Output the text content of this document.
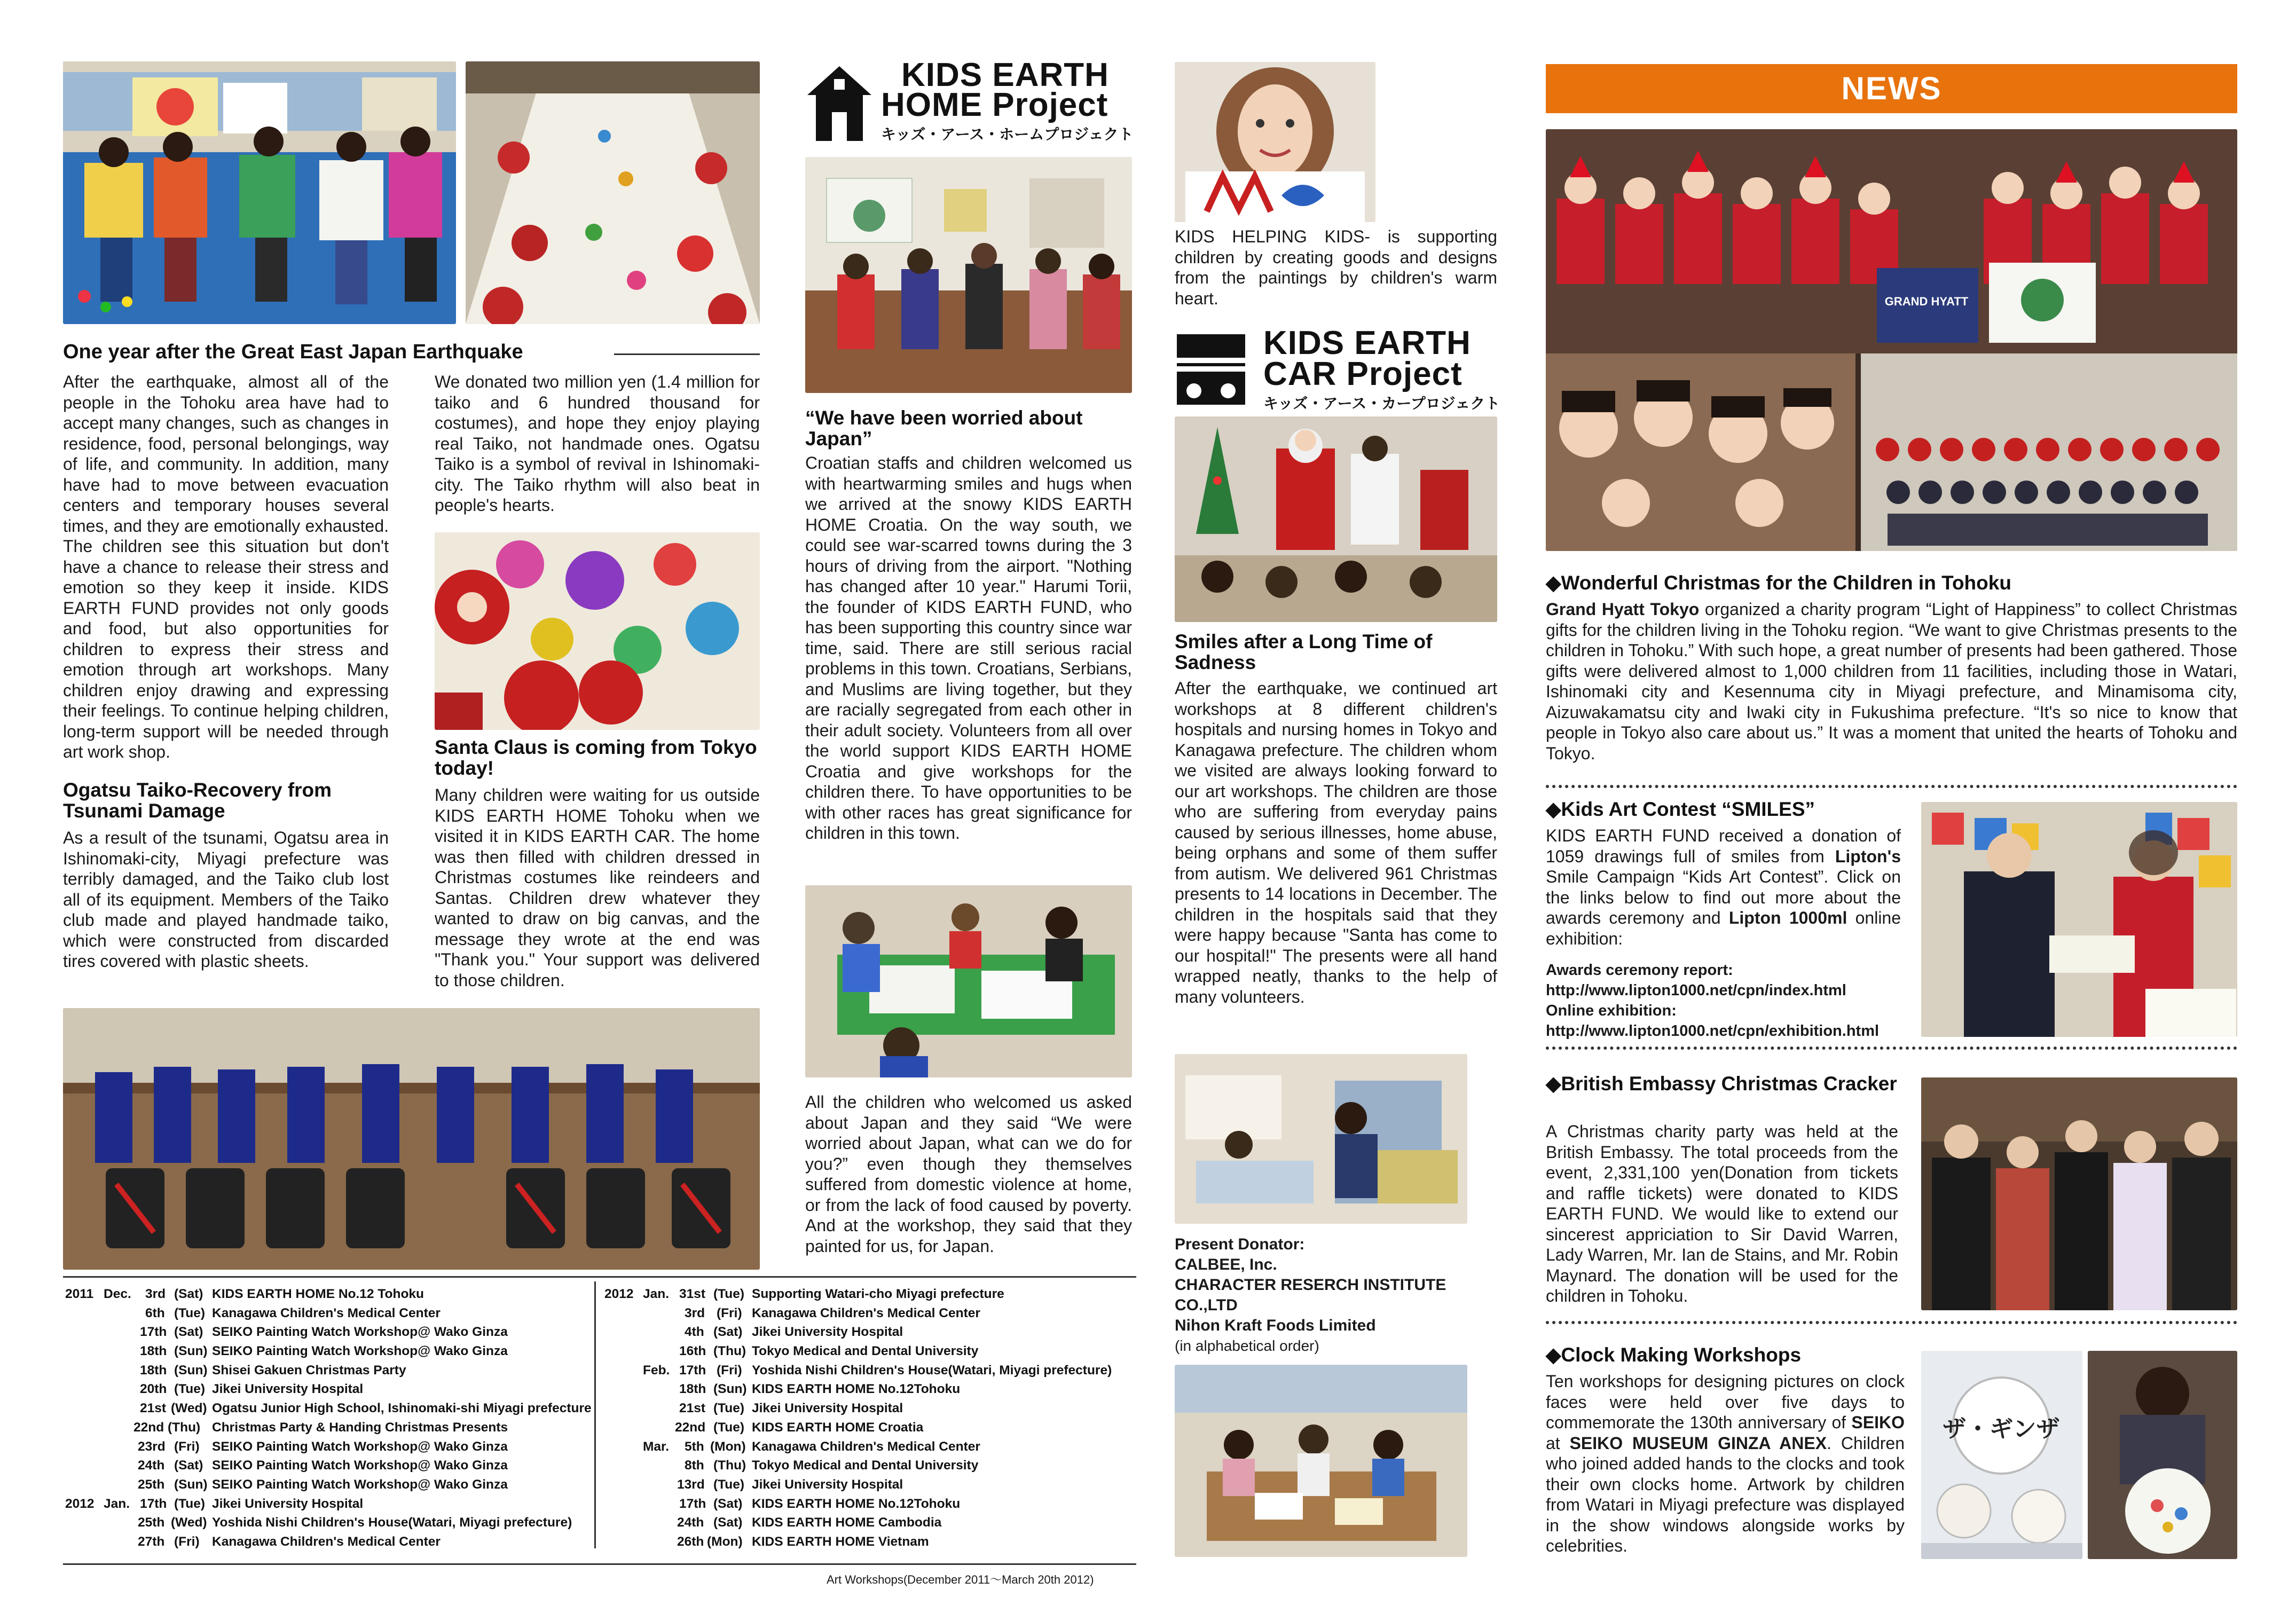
One year after the Great East Japan Earthquake
After the earthquake, almost all of the people in the Tohoku area have had to accept many changes, such as changes in residence, food, personal belongings, way of life, and community. In addition, many have had to move between evacuation centers and temporary houses several times, and they are emotionally exhausted. The children see this situation but don't have a chance to release their stress and emotion so they keep it inside. KIDS EARTH FUND provides not only goods and food, but also opportunities for children to express their stress and emotion through art workshops. Many children enjoy drawing and expressing their feelings. To continue helping children, long-term support will be needed through art work shop.
Ogatsu Taiko-Recovery from Tsunami Damage
As a result of the tsunami, Ogatsu area in Ishinomaki-city, Miyagi prefecture was terribly damaged, and the Taiko club lost all of its equipment. Members of the Taiko club made and played handmade taiko, which were constructed from discarded tires covered with plastic sheets.
We donated two million yen (1.4 million for taiko and 6 hundred thousand for costumes), and hope they enjoy playing real Taiko, not handmade ones. Ogatsu Taiko is a symbol of revival in Ishinomaki-city. The Taiko rhythm will also beat in people's hearts.
Santa Claus is coming from Tokyo today!
Many children were waiting for us outside KIDS EARTH HOME Tohoku when we visited it in KIDS EARTH CAR. The home was then filled with children dressed in Christmas costumes like reindeers and Santas. Children drew whatever they wanted to draw on big canvas, and the message they wrote at the end was "Thank you." Your support was delivered to those children.
2011 Dec. 3rd (Sat) KIDS EARTH HOME No.12 Tohoku
6th (Tue) Kanagawa Children's Medical Center
17th (Sat) SEIKO Painting Watch Workshop@ Wako Ginza
18th (Sun) SEIKO Painting Watch Workshop@ Wako Ginza
18th (Sun) Shisei Gakuen Christmas Party
20th (Tue) Jikei University Hospital
21st (Wed) Ogatsu Junior High School, Ishinomaki-shi Miyagi prefecture
22nd (Thu) Christmas Party & Handing Christmas Presents
23rd (Fri) SEIKO Painting Watch Workshop@ Wako Ginza
24th (Sat) SEIKO Painting Watch Workshop@ Wako Ginza
25th (Sun) SEIKO Painting Watch Workshop@ Wako Ginza
2012 Jan. 17th (Tue) Jikei University Hospital
25th (Wed) Yoshida Nishi Children's House(Watari, Miyagi prefecture)
27th (Fri) Kanagawa Children's Medical Center
2012 Jan. 31st (Tue) Supporting Watari-cho Miyagi prefecture
3rd (Fri) Kanagawa Children's Medical Center
4th (Sat) Jikei University Hospital
16th (Thu) Tokyo Medical and Dental University
Feb. 17th (Fri) Yoshida Nishi Children's House(Watari, Miyagi prefecture)
18th (Sun) KIDS EARTH HOME No.12Tohoku
21st (Tue) Jikei University Hospital
22nd (Tue) KIDS EARTH HOME Croatia
Mar. 5th (Mon) Kanagawa Children's Medical Center
8th (Thu) Tokyo Medical and Dental University
13rd (Tue) Jikei University Hospital
17th (Sat) KIDS EARTH HOME No.12Tohoku
24th (Sat) KIDS EARTH HOME Cambodia
26th (Mon) KIDS EARTH HOME Vietnam
Art Workshops(December 2011～March 20th 2012)
KIDS EARTH
HOME Project
キッズ・アース・ホームプロジェクト
“We have been worried about Japan”
Croatian staffs and children welcomed us with heartwarming smiles and hugs when we arrived at the snowy KIDS EARTH HOME Croatia. On the way south, we could see war-scarred towns during the 3 hours of driving from the airport. "Nothing has changed after 10 year." Harumi Torii, the founder of KIDS EARTH FUND, who has been supporting this country since war time, said. There are still serious racial problems in this town. Croatians, Serbians, and Muslims are living together, but they are racially segregated from each other in their adult society. Volunteers from all over the world support KIDS EARTH HOME Croatia and give workshops for the children there. To have opportunities to be with other races has great significance for children in this town.
All the children who welcomed us asked about Japan and they said “We were worried about Japan, what can we do for you?” even though they themselves suffered from domestic violence at home, or from the lack of food caused by poverty. And at the workshop, they said that they painted for us, for Japan.
KIDS HELPING KIDS- is supporting children by creating goods and designs from the paintings by children's warm heart.
KIDS EARTH
CAR Project
キッズ・アース・カープロジェクト
Smiles after a Long Time of Sadness
After the earthquake, we continued art workshops at 8 different children's hospitals and nursing homes in Tokyo and Kanagawa prefecture. The children whom we visited are always looking forward to our art workshops. The children are those who are suffering from everyday pains caused by serious illnesses, home abuse, being orphans and some of them suffer from autism. We delivered 961 Christmas presents to 14 locations in December. The children in the hospitals said that they were happy because "Santa has come to our hospital!" The presents were all hand wrapped neatly, thanks to the help of many volunteers.
Present Donator:
CALBEE, Inc.
CHARACTER RESERCH INSTITUTE CO.,LTD
Nihon Kraft Foods Limited
(in alphabetical order)
NEWS
GRAND HYATT
◆Wonderful Christmas for the Children in Tohoku
Grand Hyatt Tokyo organized a charity program “Light of Happiness” to collect Christmas gifts for the children living in the Tohoku region. “We want to give Christmas presents to the children in Tohoku.” With such hope, a great number of presents had been gathered. Those gifts were delivered almost to 1,000 children from 11 facilities, including those in Watari, Ishinomaki city and Kesennuma city in Miyagi prefecture, and Minamisoma city, Aizuwakamatsu city and Iwaki city in Fukushima prefecture. “It's so nice to know that people in Tokyo also care about us.” It was a moment that united the hearts of Tohoku and Tokyo.
◆Kids Art Contest “SMILES”
KIDS EARTH FUND received a donation of 1059 drawings full of smiles from Lipton's Smile Campaign “Kids Art Contest”. Click on the links below to find out more about the awards ceremony and Lipton 1000ml online exhibition:
Awards ceremony report:
http://www.lipton1000.net/cpn/index.html
Online exhibition:
http://www.lipton1000.net/cpn/exhibition.html
◆British Embassy Christmas Cracker
A Christmas charity party was held at the British Embassy. The total proceeds from the event, 2,331,100 yen(Donation from tickets and raffle tickets) were donated to KIDS EARTH FUND. We would like to extend our sincerest appriciation to Sir David Warren, Lady Warren, Mr. Ian de Stains, and Mr. Robin Maynard. The donation will be used for the children in Tohoku.
◆Clock Making Workshops
Ten workshops for designing pictures on clock faces were held over five days to commemorate the 130th anniversary of SEIKO at SEIKO MUSEUM GINZA ANEX. Children who joined added hands to the clocks and took their own clocks home. Artwork by children from Watari in Miyagi prefecture was displayed in the show windows alongside works by celebrities.
ザ・ギンザ
